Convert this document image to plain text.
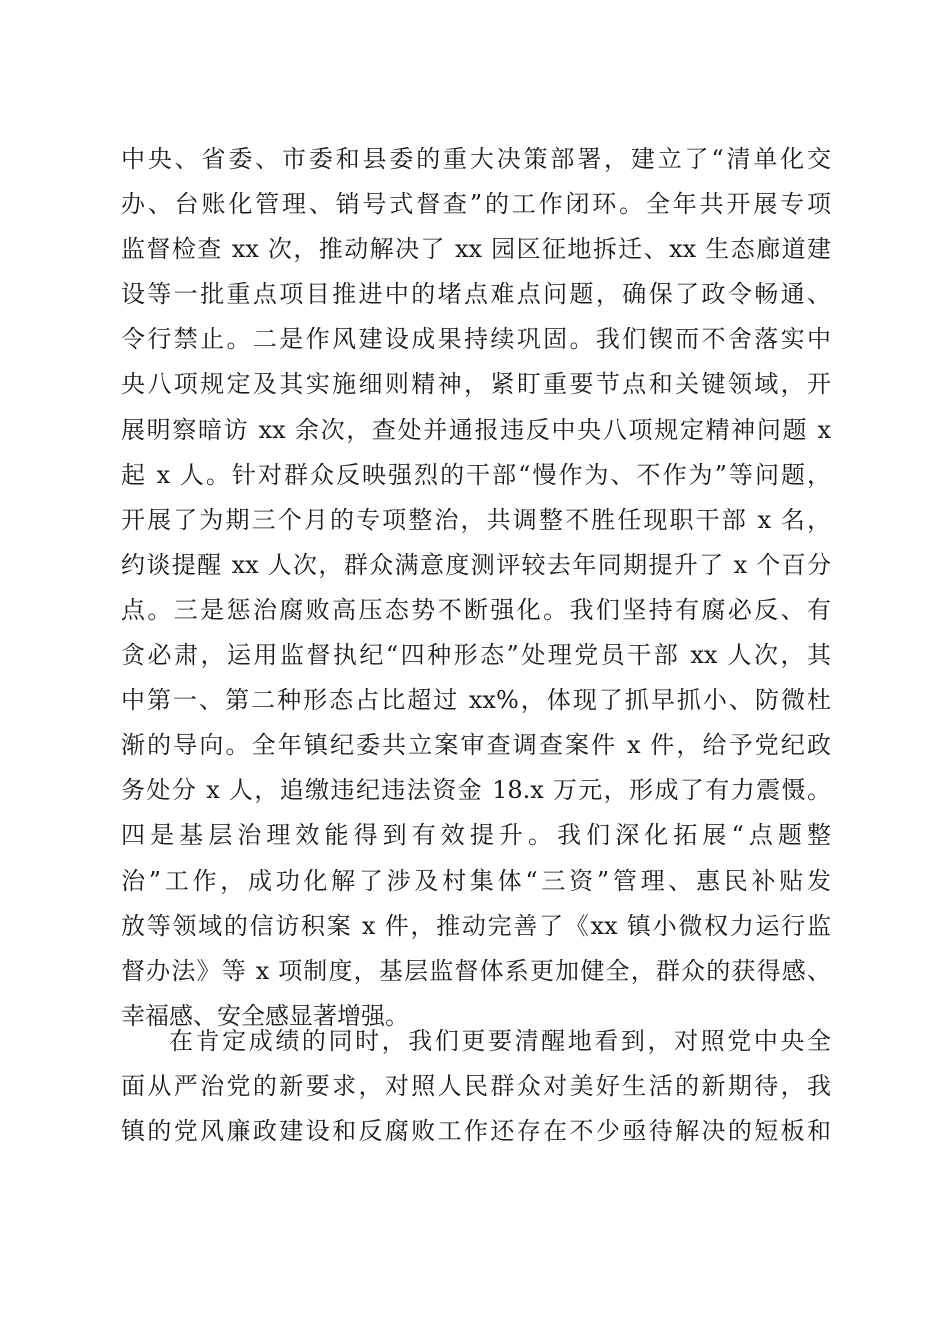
中央、省委、市委和县委的重大决策部署，建立了“清单化交
办、台账化管理、销号式督查”的工作闭环。全年共开展专项
监督检查 xx 次，推动解决了 xx 园区征地拆迁、xx 生态廊道建
设等一批重点项目推进中的堵点难点问题，确保了政令畅通、
令行禁止。二是作风建设成果持续巩固。我们锲而不舍落实中
央八项规定及其实施细则精神，紧盯重要节点和关键领域，开
展明察暗访 xx 余次，查处并通报违反中央八项规定精神问题 x
起 x 人。针对群众反映强烈的干部“慢作为、不作为”等问题，
开展了为期三个月的专项整治，共调整不胜任现职干部 x 名，
约谈提醒 xx 人次，群众满意度测评较去年同期提升了 x 个百分
点。三是惩治腐败高压态势不断强化。我们坚持有腐必反、有
贪必肃，运用监督执纪“四种形态”处理党员干部 xx 人次，其
中第一、第二种形态占比超过 xx%，体现了抓早抓小、防微杜
渐的导向。全年镇纪委共立案审查调查案件 x 件，给予党纪政
务处分 x 人，追缴违纪违法资金 18.x 万元，形成了有力震慑。
四是基层治理效能得到有效提升。我们深化拓展“点题整
治”工作，成功化解了涉及村集体“三资”管理、惠民补贴发
放等领域的信访积案 x 件，推动完善了《xx 镇小微权力运行监
督办法》等 x 项制度，基层监督体系更加健全，群众的获得感、
幸福感、安全感显著增强。
在肯定成绩的同时，我们更要清醒地看到，对照党中央全
面从严治党的新要求，对照人民群众对美好生活的新期待，我
镇的党风廉政建设和反腐败工作还存在不少亟待解决的短板和
